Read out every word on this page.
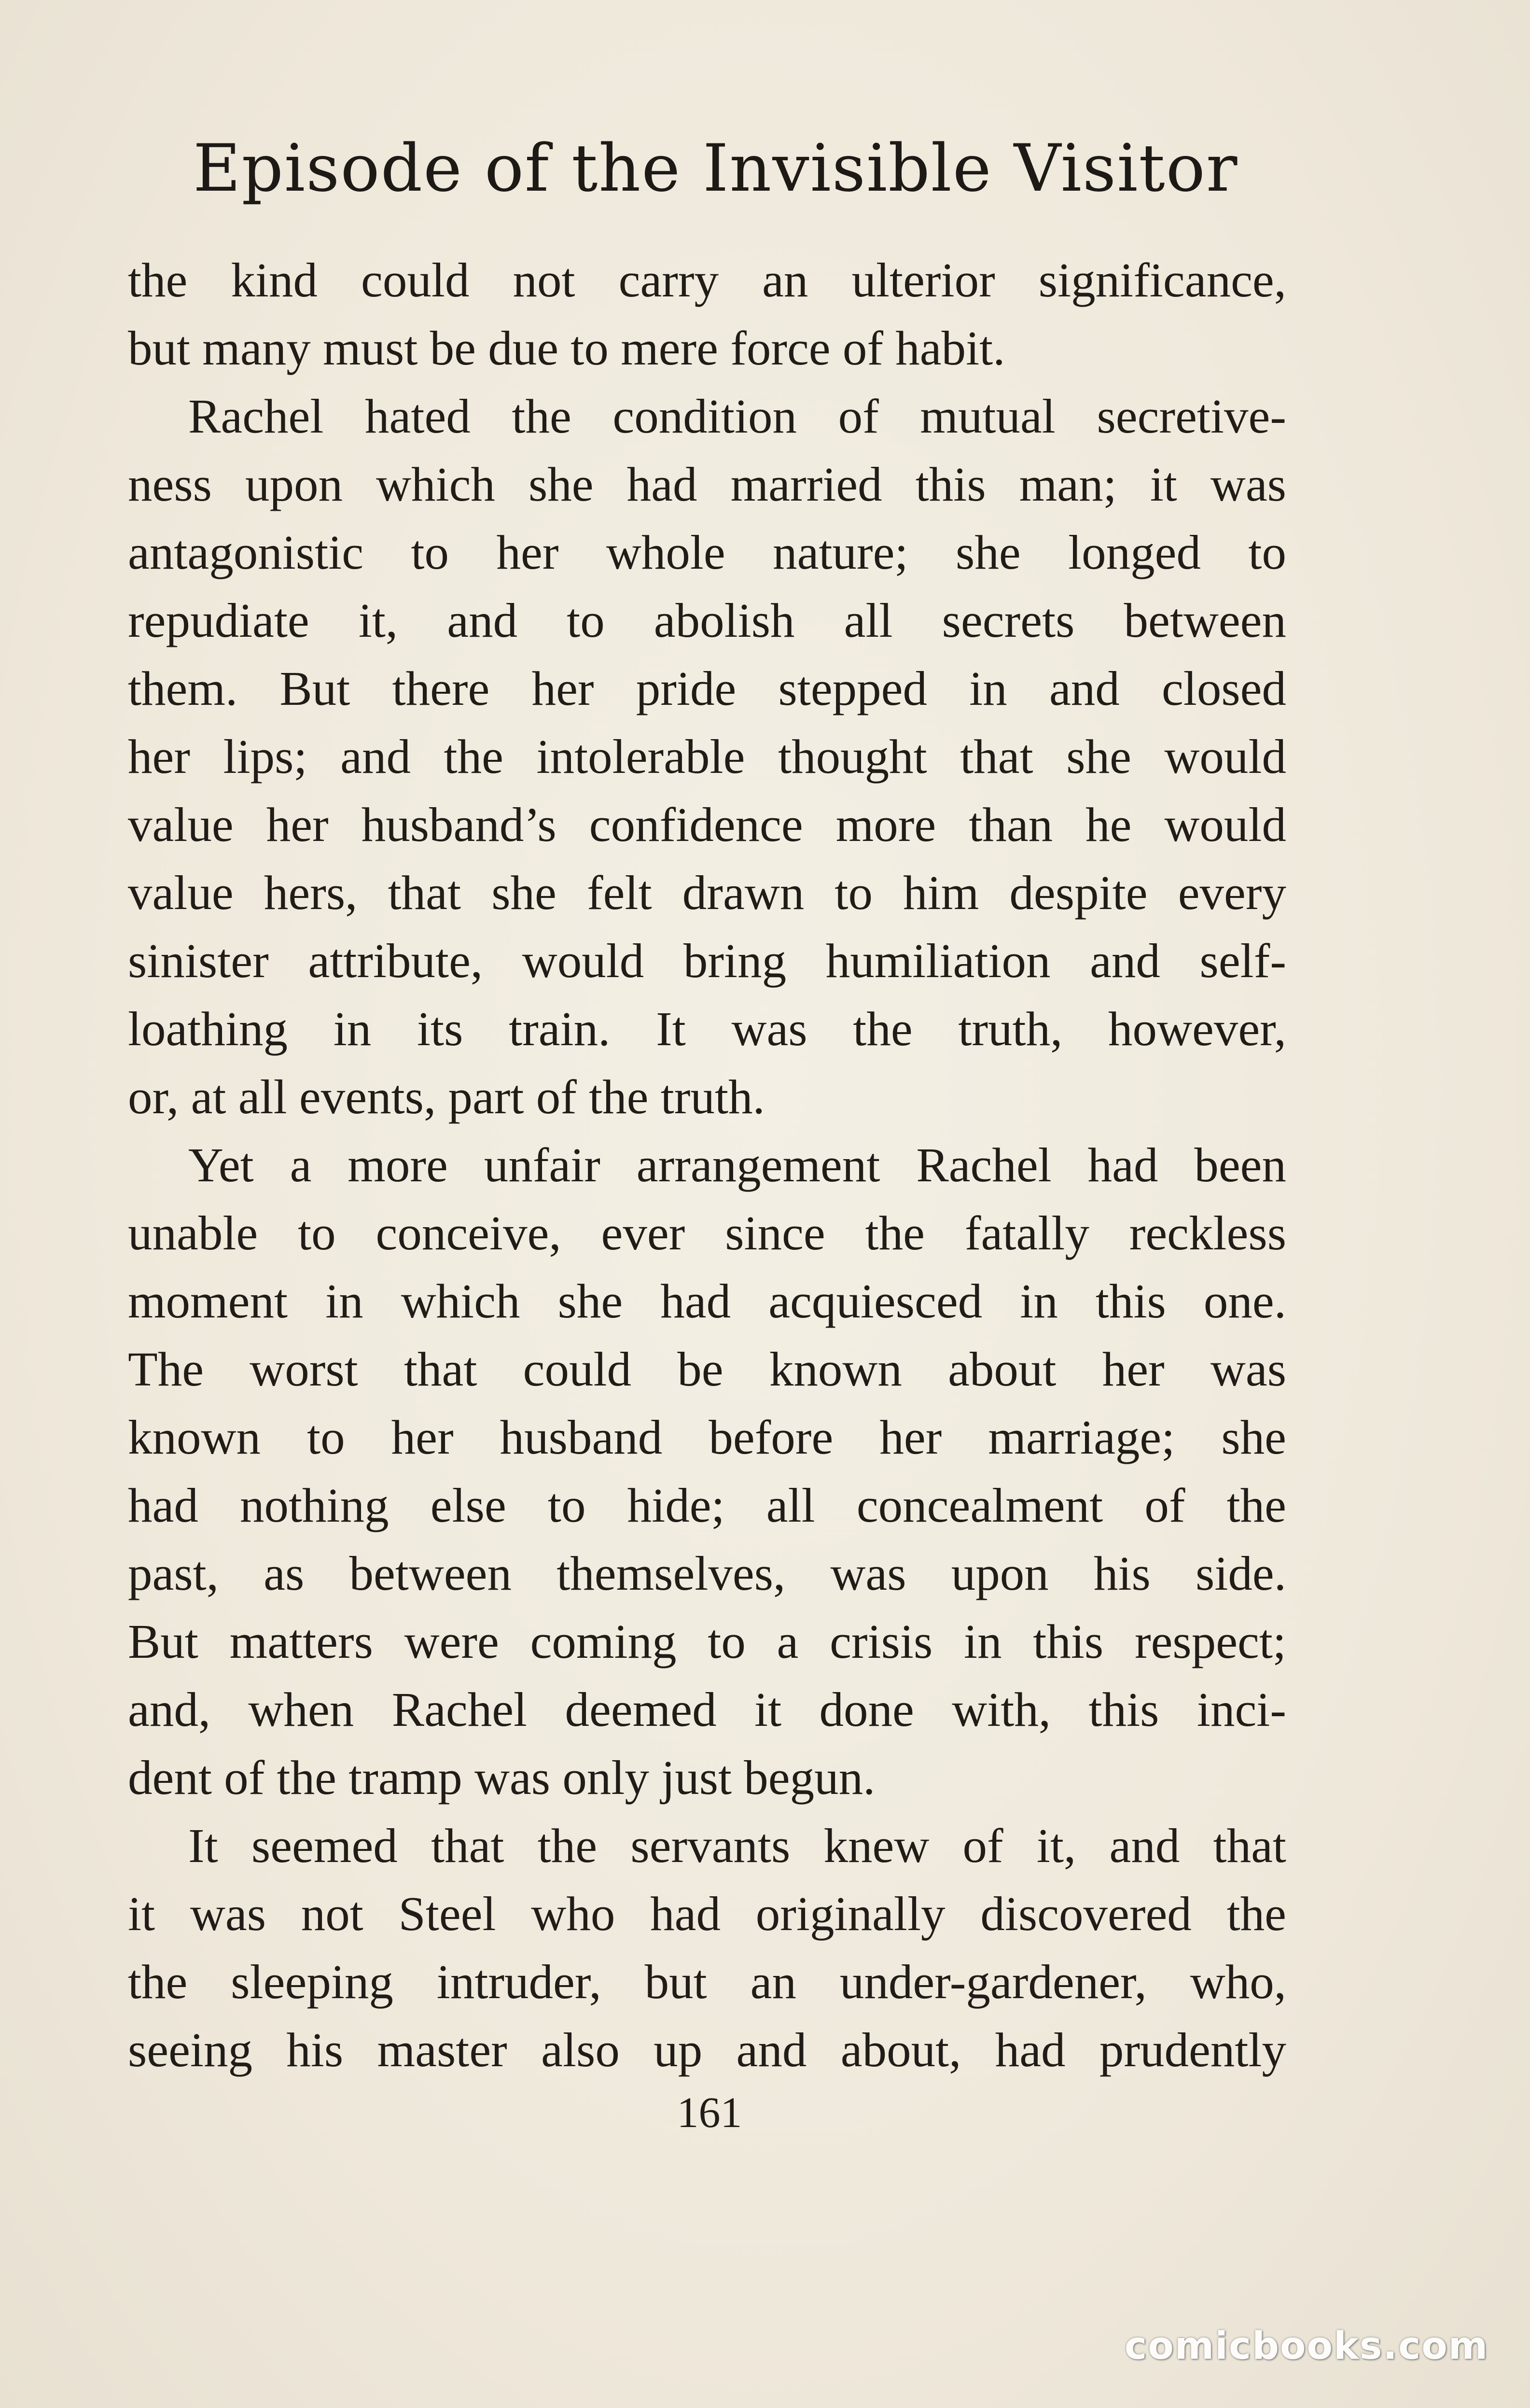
Episode of the Invisible Visitor
the kind could not carry an ulterior significance,
but many must be due to mere force of habit.
Rachel hated the condition of mutual secretive-
ness upon which she had married this man; it was
antagonistic to her whole nature; she longed to
repudiate it, and to abolish all secrets between
them. But there her pride stepped in and closed
her lips; and the intolerable thought that she would
value her husband’s confidence more than he would
value hers, that she felt drawn to him despite every
sinister attribute, would bring humiliation and self-
loathing in its train. It was the truth, however,
or, at all events, part of the truth.
Yet a more unfair arrangement Rachel had been
unable to conceive, ever since the fatally reckless
moment in which she had acquiesced in this one.
The worst that could be known about her was
known to her husband before her marriage; she
had nothing else to hide; all concealment of the
past, as between themselves, was upon his side.
But matters were coming to a crisis in this respect;
and, when Rachel deemed it done with, this inci-
dent of the tramp was only just begun.
It seemed that the servants knew of it, and that
it was not Steel who had originally discovered the
the sleeping intruder, but an under-gardener, who,
seeing his master also up and about, had prudently
161
comicbooks.com
